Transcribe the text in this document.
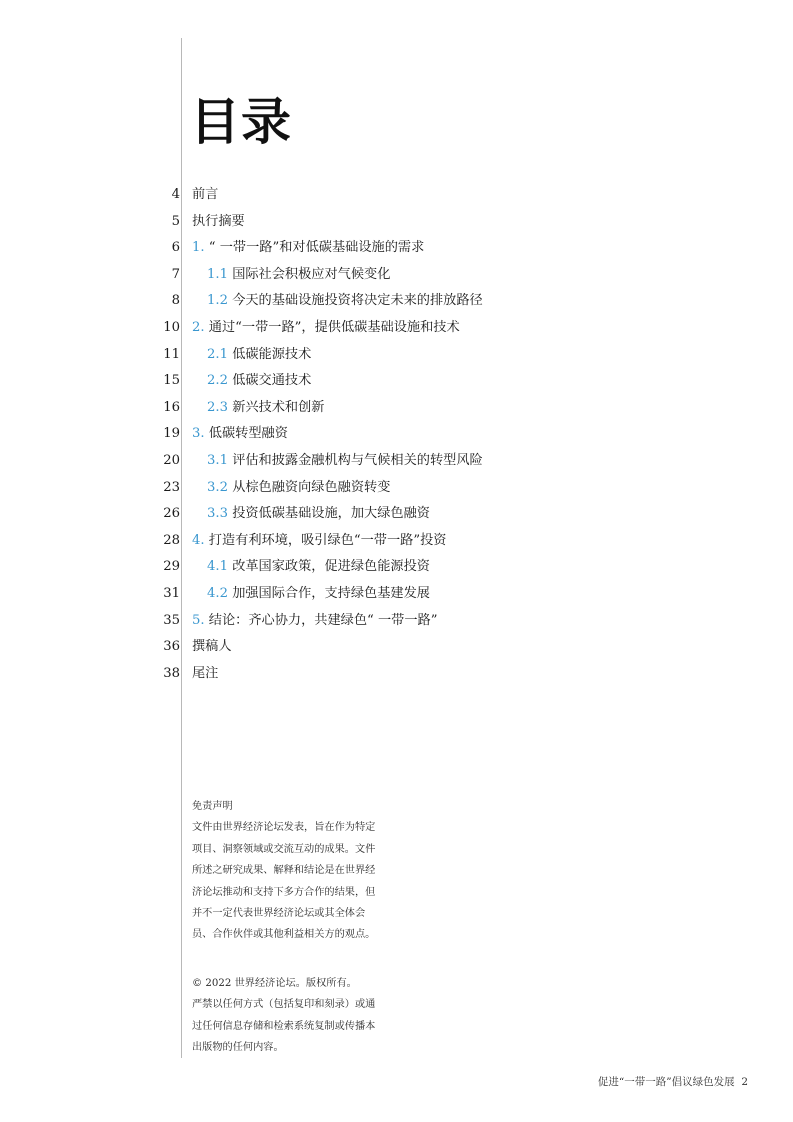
目录
4 前言
5 执行摘要
6 1. “ 一带一路”和对低碳基础设施的需求
7 1.1 国际社会积极应对气候变化
8 1.2 今天的基础设施投资将决定未来的排放路径
10 2. 通过“一带一路”，提供低碳基础设施和技术
11 2.1 低碳能源技术
15 2.2 低碳交通技术
16 2.3 新兴技术和创新
19 3. 低碳转型融资
20 3.1 评估和披露金融机构与气候相关的转型风险
23 3.2 从棕色融资向绿色融资转变
26 3.3 投资低碳基础设施，加大绿色融资
28 4. 打造有利环境，吸引绿色“一带一路”投资
29 4.1 改革国家政策，促进绿色能源投资
31 4.2 加强国际合作，支持绿色基建发展
35 5. 结论：齐心协力，共建绿色“ 一带一路”
36 撰稿人
38 尾注

免责声明

文件由世界经济论坛发表，旨在作为特定
项目、洞察领域或交流互动的成果。文件
所述之研究成果、解释和结论是在世界经
济论坛推动和支持下多方合作的结果，但
并不一定代表世界经济论坛或其全体会
员、合作伙伴或其他利益相关方的观点。
© 2022 世界经济论坛。版权所有。
严禁以任何方式（包括复印和刻录）或通
过任何信息存储和检索系统复制或传播本
出版物的任何内容。
促进“一带一路”倡议绿色发展 2
